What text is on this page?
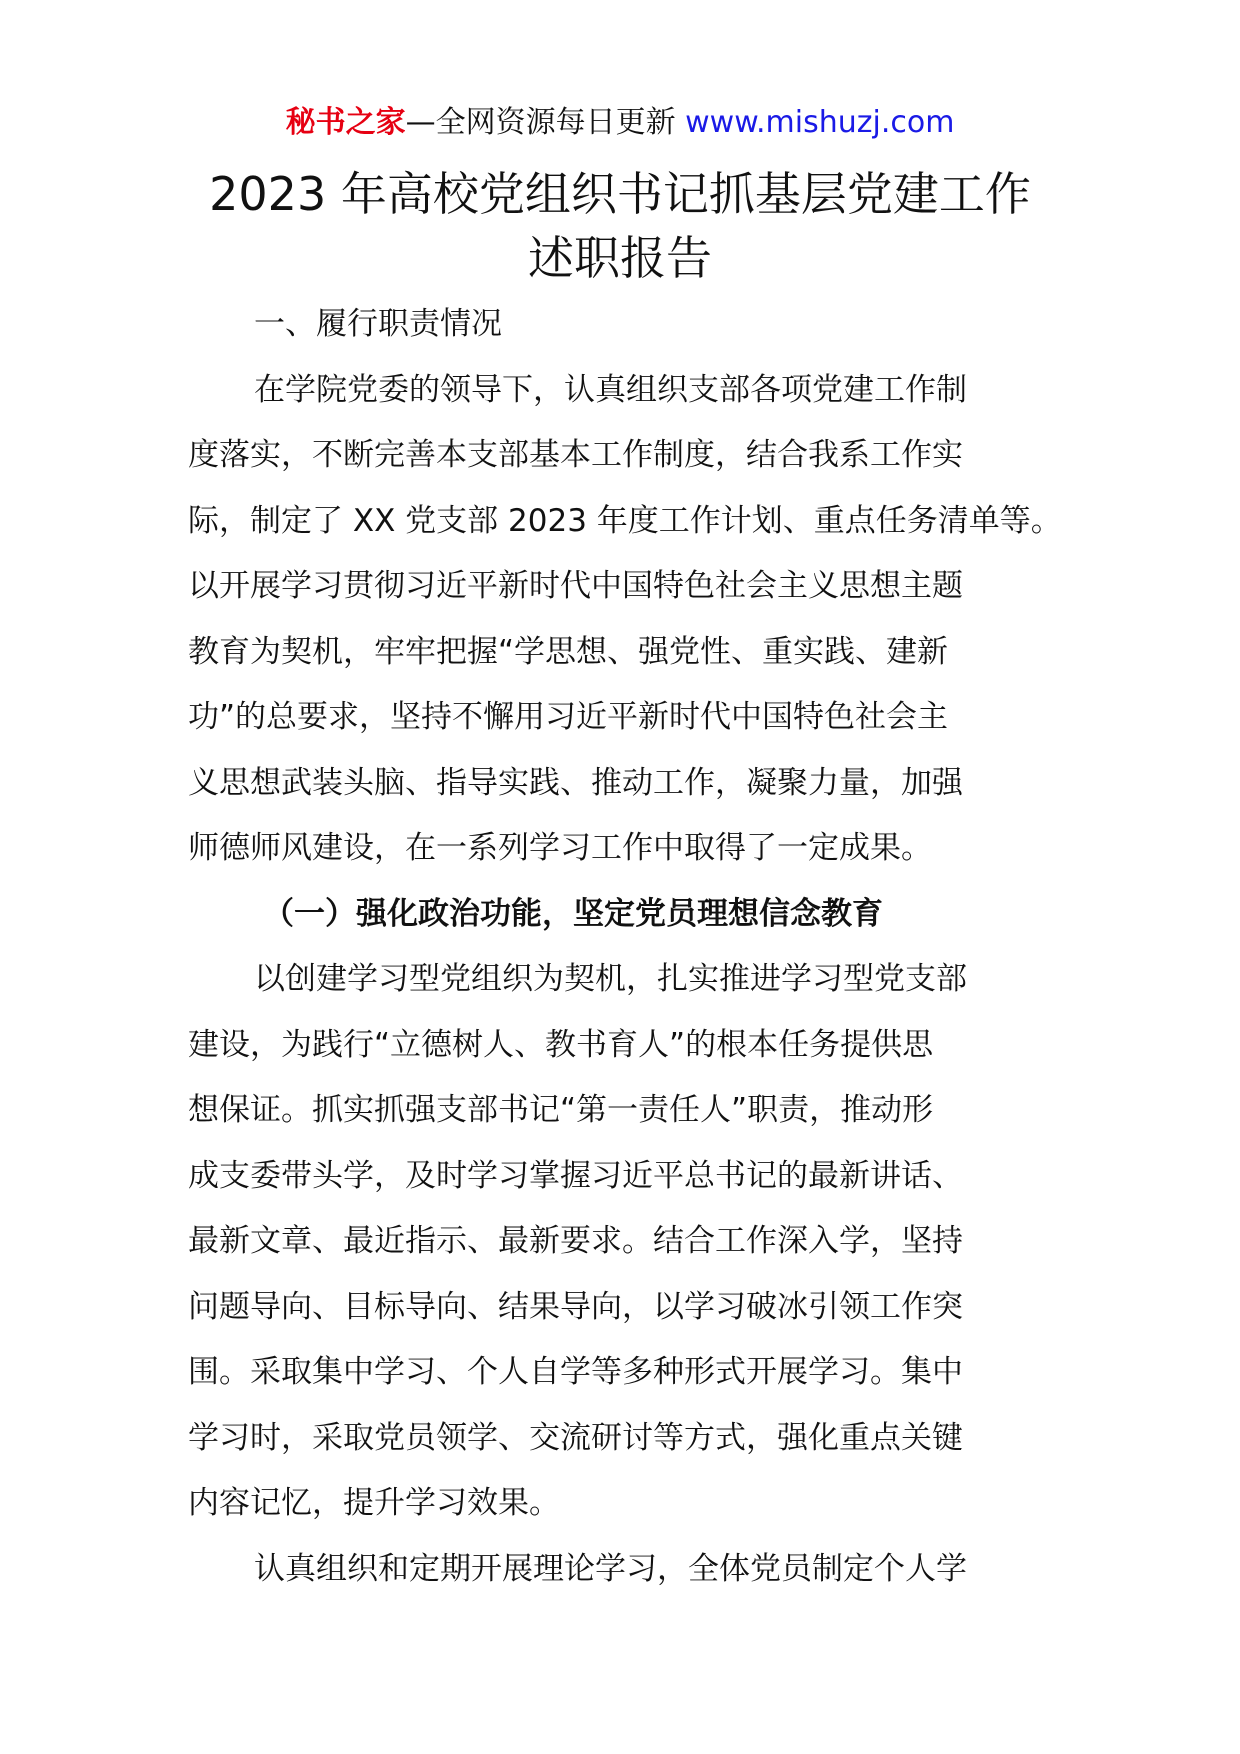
秘书之家—全网资源每日更新 www.mishuzj.com
2023 年高校党组织书记抓基层党建工作
述职报告
一、履行职责情况
在学院党委的领导下，认真组织支部各项党建工作制
度落实，不断完善本支部基本工作制度，结合我系工作实
际，制定了 XX 党支部 2023 年度工作计划、重点任务清单等。
以开展学习贯彻习近平新时代中国特色社会主义思想主题
教育为契机，牢牢把握“学思想、强党性、重实践、建新
功”的总要求，坚持不懈用习近平新时代中国特色社会主
义思想武装头脑、指导实践、推动工作，凝聚力量，加强
师德师风建设，在一系列学习工作中取得了一定成果。
（一）强化政治功能，坚定党员理想信念教育
以创建学习型党组织为契机，扎实推进学习型党支部
建设，为践行“立德树人、教书育人”的根本任务提供思
想保证。抓实抓强支部书记“第一责任人”职责，推动形
成支委带头学，及时学习掌握习近平总书记的最新讲话、
最新文章、最近指示、最新要求。结合工作深入学，坚持
问题导向、目标导向、结果导向，以学习破冰引领工作突
围。采取集中学习、个人自学等多种形式开展学习。集中
学习时，采取党员领学、交流研讨等方式，强化重点关键
内容记忆，提升学习效果。
认真组织和定期开展理论学习，全体党员制定个人学
